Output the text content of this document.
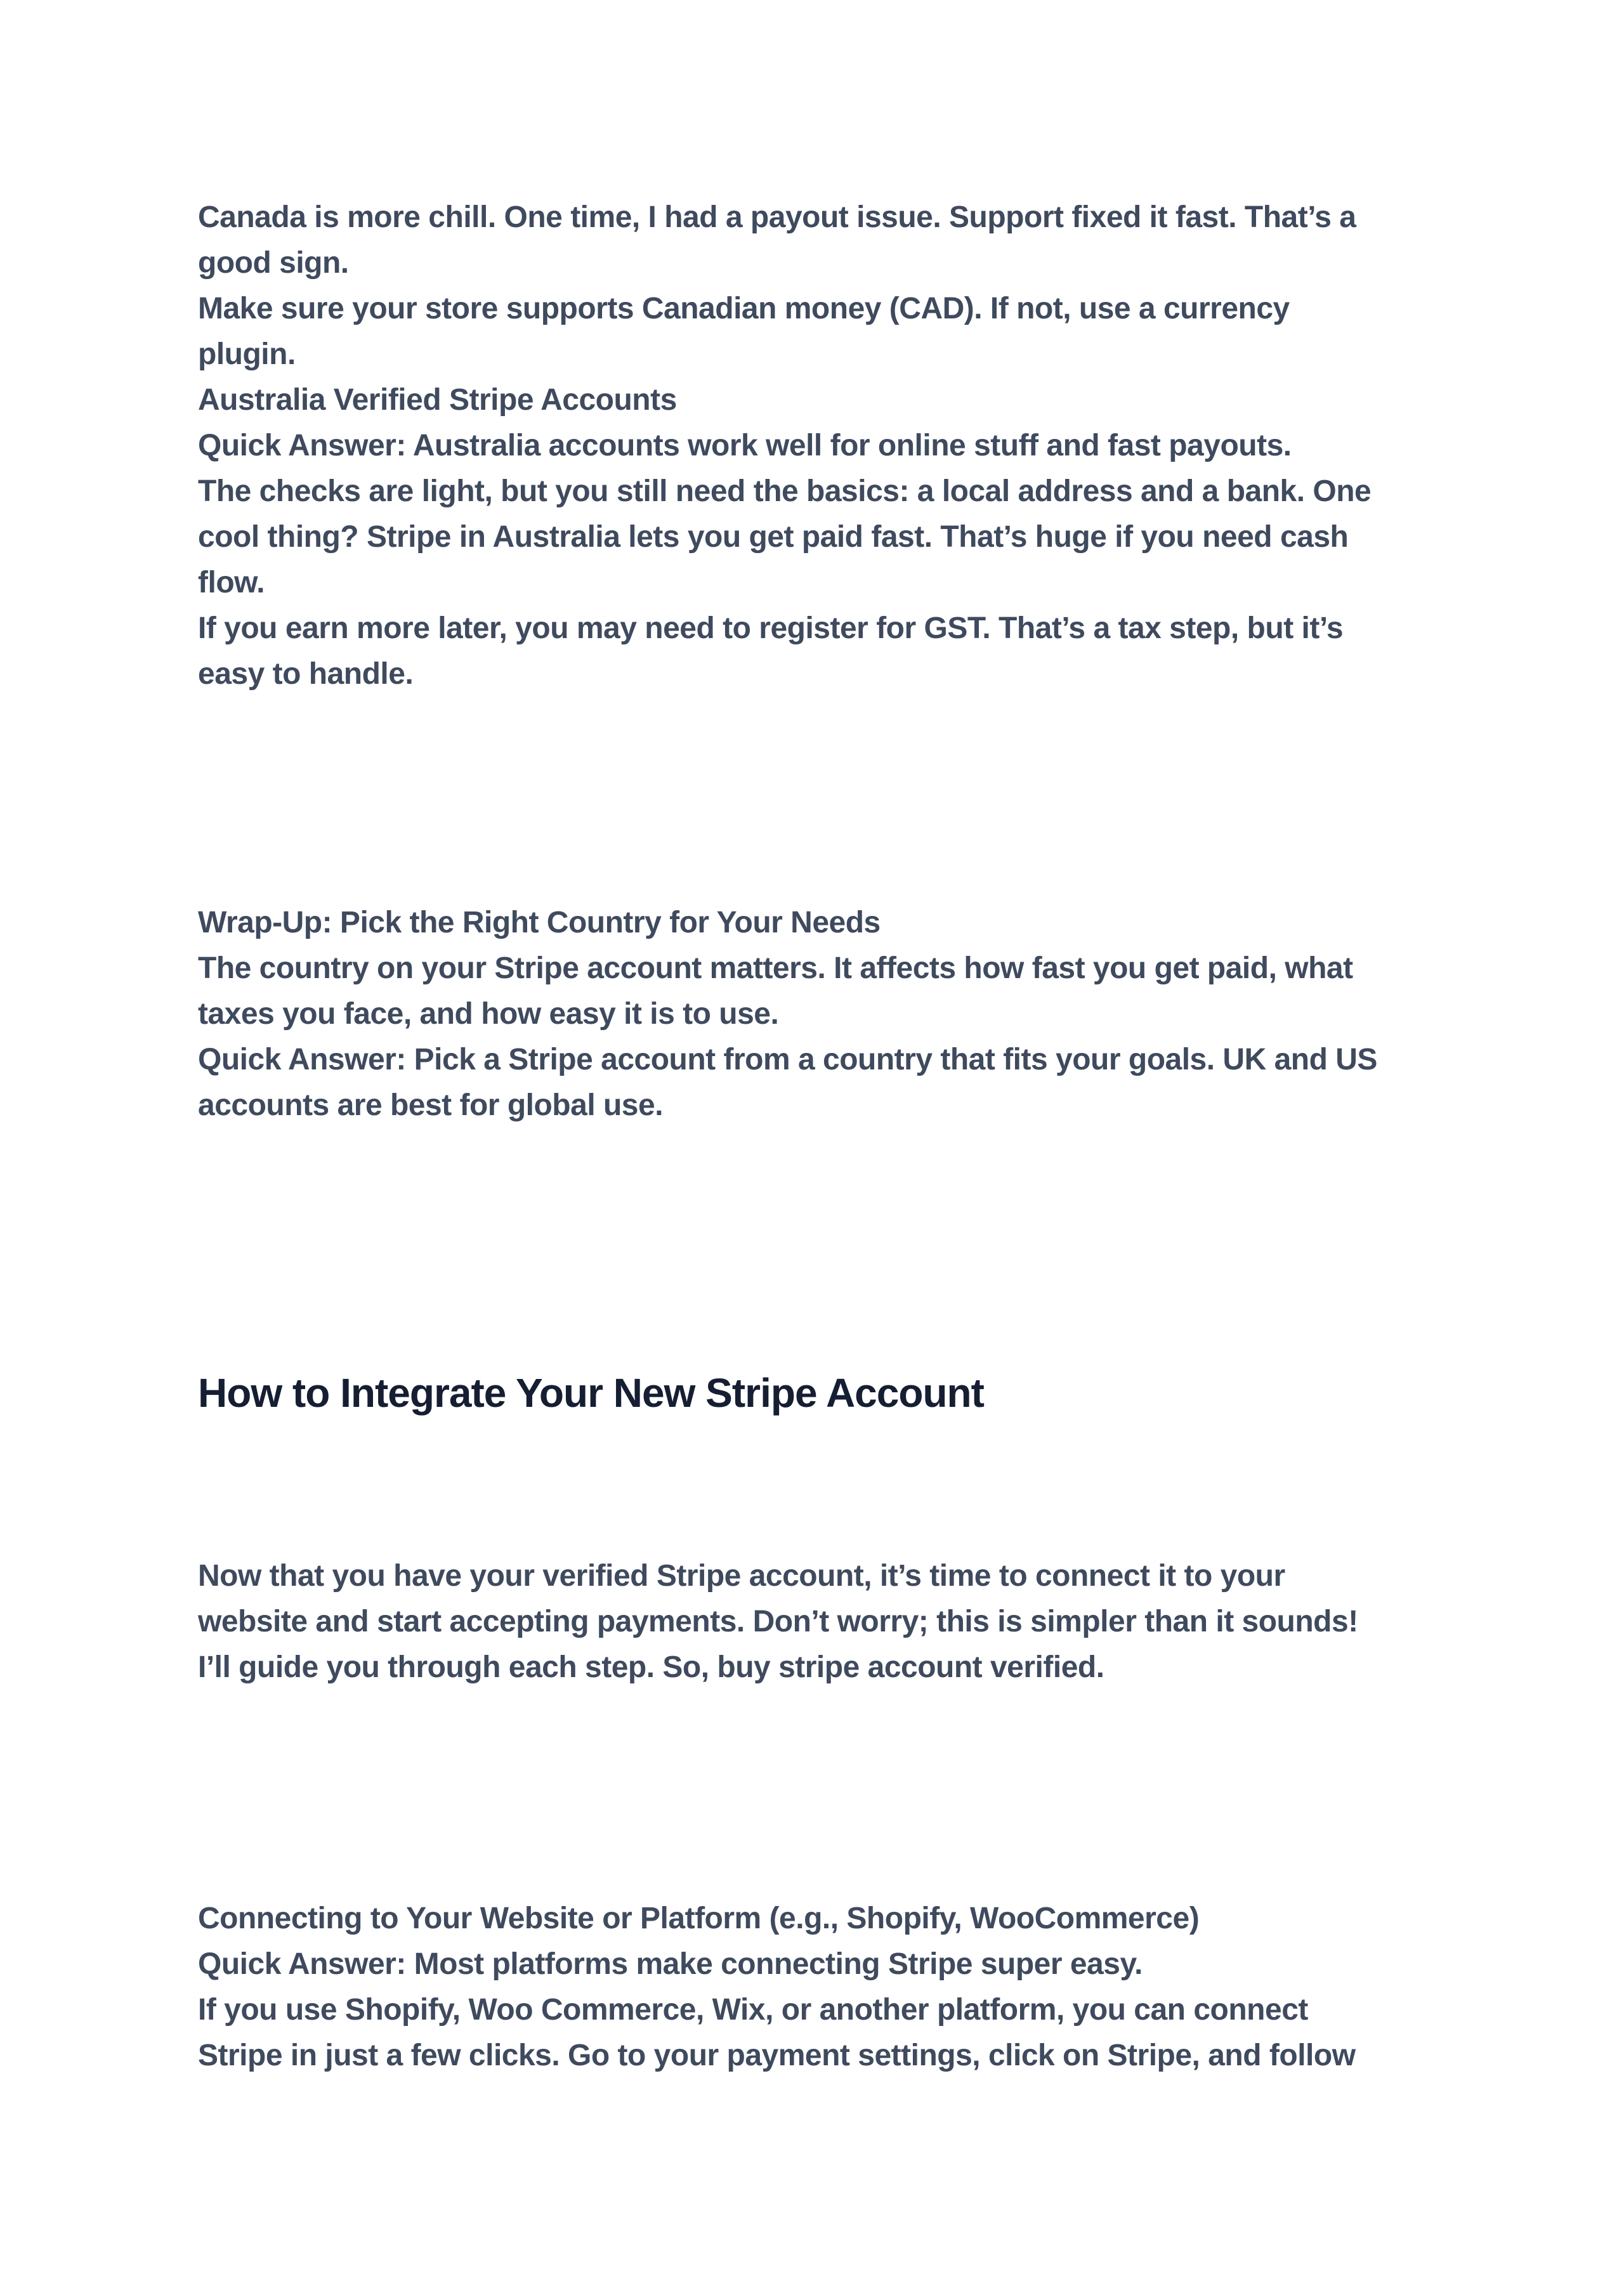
Canada is more chill. One time, I had a payout issue. Support fixed it fast. That’s a
good sign.
Make sure your store supports Canadian money (CAD). If not, use a currency
plugin.
Australia Verified Stripe Accounts
Quick Answer: Australia accounts work well for online stuff and fast payouts.
The checks are light, but you still need the basics: a local address and a bank. One
cool thing? Stripe in Australia lets you get paid fast. That’s huge if you need cash
flow.
If you earn more later, you may need to register for GST. That’s a tax step, but it’s
easy to handle.
Wrap-Up: Pick the Right Country for Your Needs
The country on your Stripe account matters. It affects how fast you get paid, what
taxes you face, and how easy it is to use.
Quick Answer: Pick a Stripe account from a country that fits your goals. UK and US
accounts are best for global use.
How to Integrate Your New Stripe Account
Now that you have your verified Stripe account, it’s time to connect it to your
website and start accepting payments. Don’t worry; this is simpler than it sounds!
I’ll guide you through each step. So, buy stripe account verified.
Connecting to Your Website or Platform (e.g., Shopify, WooCommerce)
Quick Answer: Most platforms make connecting Stripe super easy.
If you use Shopify, Woo Commerce, Wix, or another platform, you can connect
Stripe in just a few clicks. Go to your payment settings, click on Stripe, and follow
